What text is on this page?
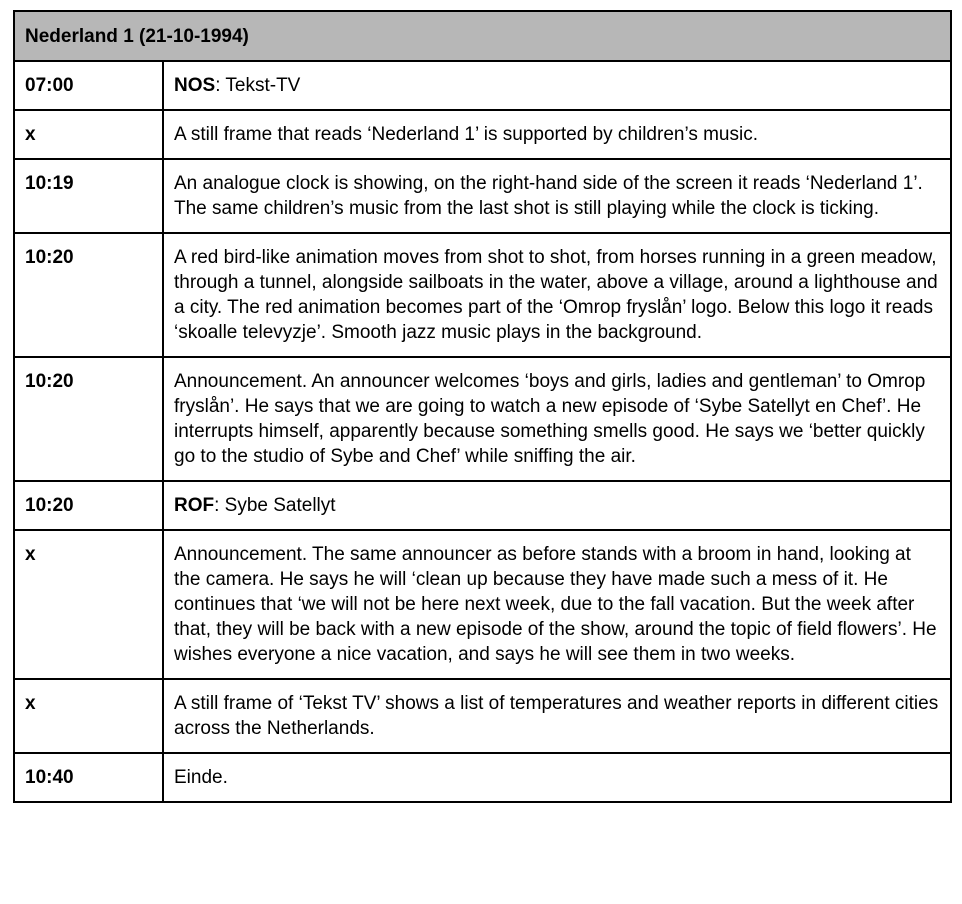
Nederland 1 (21-10-1994)	
07:00	NOS: Tekst-TV
x	A still frame that reads ‘Nederland 1’ is supported by children’s music.
10:19	An analogue clock is showing, on the right-hand side of the screen it reads ‘Nederland 1’. The same children’s music from the last shot is still playing while the clock is ticking.
10:20	A red bird-like animation moves from shot to shot, from horses running in a green meadow, through a tunnel, alongside sailboats in the water, above a village, around a lighthouse and a city. The red animation becomes part of the ‘Omrop fryslån’ logo. Below this logo it reads ‘skoalle televyzje’. Smooth jazz music plays in the background.
10:20	Announcement. An announcer welcomes ‘boys and girls, ladies and gentleman’ to Omrop fryslån’. He says that we are going to watch a new episode of ‘Sybe Satellyt en Chef’. He interrupts himself, apparently because something smells good. He says we ‘better quickly go to the studio of Sybe and Chef’ while sniffing the air.
10:20	ROF: Sybe Satellyt
x	Announcement. The same announcer as before stands with a broom in hand, looking at the camera. He says he will ‘clean up because they have made such a mess of it. He continues that ‘we will not be here next week, due to the fall vacation. But the week after that, they will be back with a new episode of the show, around the topic of field flowers’. He wishes everyone a nice vacation, and says he will see them in two weeks.
x	A still frame of ‘Tekst TV’ shows a list of temperatures and weather reports in different cities across the Netherlands.
10:40	Einde.
